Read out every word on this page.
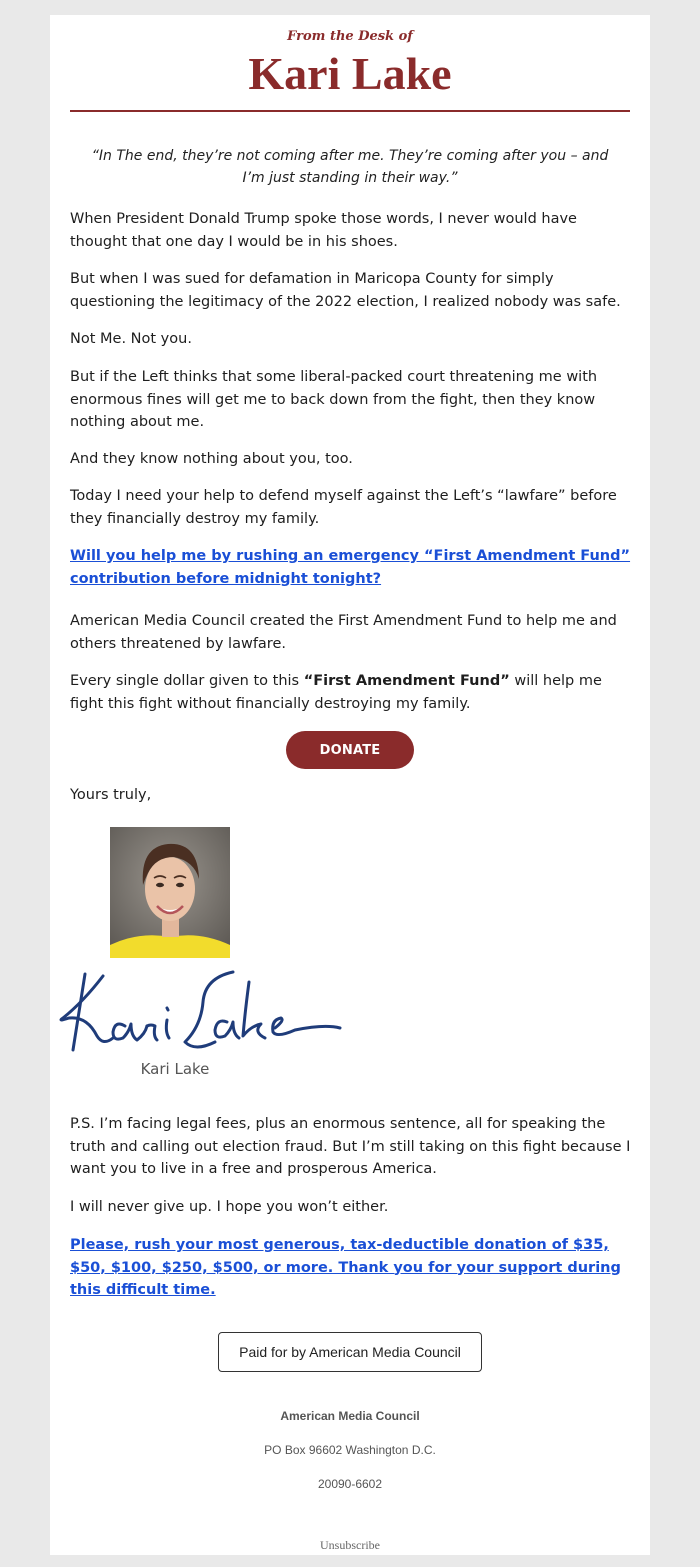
From the Desk of
Kari Lake
“In The end, they’re not coming after me. They’re coming after you – and I’m just standing in their way.”

When President Donald Trump spoke those words, I never would have thought that one day I would be in his shoes.

But when I was sued for defamation in Maricopa County for simply questioning the legitimacy of the 2022 election, I realized nobody was safe.

Not Me. Not you.

But if the Left thinks that some liberal-packed court threatening me with enormous fines will get me to back down from the fight, then they know nothing about me.

And they know nothing about you, too.

Today I need your help to defend myself against the Left’s “lawfare” before they financially destroy my family.

Will you help me by rushing an emergency “First Amendment Fund” contribution before midnight tonight?

American Media Council created the First Amendment Fund to help me and others threatened by lawfare.

Every single dollar given to this “First Amendment Fund” will help me fight this fight without financially destroying my family.

DONATE

Yours truly,

Kari Lake

P.S. I’m facing legal fees, plus an enormous sentence, all for speaking the truth and calling out election fraud. But I’m still taking on this fight because I want you to live in a free and prosperous America.

I will never give up. I hope you won’t either.

Please, rush your most generous, tax-deductible donation of $35, $50, $100, $250, $500, or more. Thank you for your support during this difficult time.

Paid for by American Media Council
American Media Council
PO Box 96602 Washington D.C.
20090-6602
Unsubscribe
